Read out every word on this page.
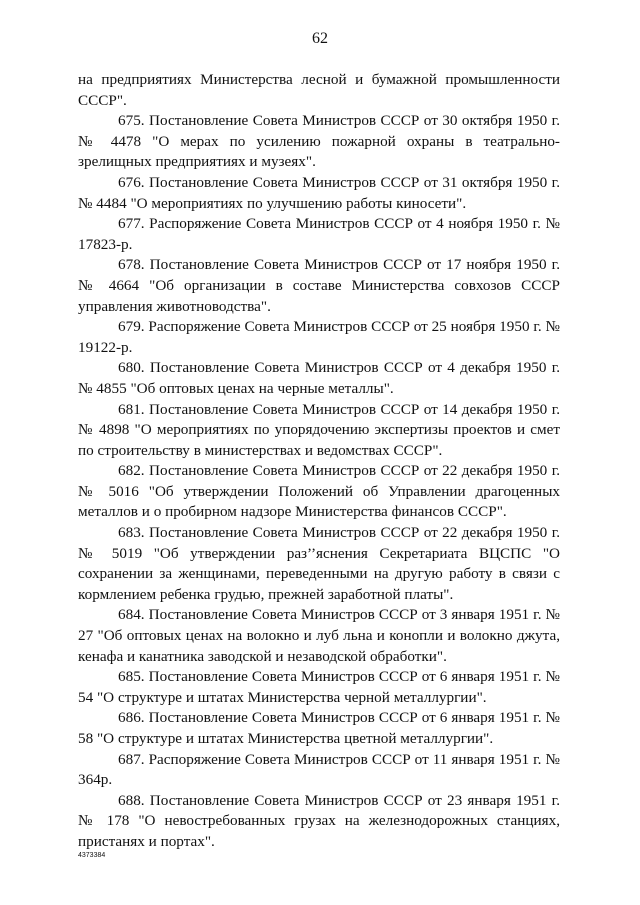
62

на предприятиях Министерства лесной и бумажной промышленности СССР".

675. Постановление Совета Министров СССР от 30 октября 1950 г. № 4478 "О мерах по усилению пожарной охраны в театрально-зрелищных предприятиях и музеях".

676. Постановление Совета Министров СССР от 31 октября 1950 г. № 4484 "О мероприятиях по улучшению работы киносети".

677. Распоряжение Совета Министров СССР от 4 ноября 1950 г. № 17823-р.

678. Постановление Совета Министров СССР от 17 ноября 1950 г. № 4664 "Об организации в составе Министерства совхозов СССР управления животноводства".

679. Распоряжение Совета Министров СССР от 25 ноября 1950 г. № 19122-р.

680. Постановление Совета Министров СССР от 4 декабря 1950 г. № 4855 "Об оптовых ценах на черные металлы".

681. Постановление Совета Министров СССР от 14 декабря 1950 г. № 4898 "О мероприятиях по упорядочению экспертизы проектов и смет по строительству в министерствах и ведомствах СССР".

682. Постановление Совета Министров СССР от 22 декабря 1950 г. № 5016 "Об утверждении Положений об Управлении драгоценных металлов и о пробирном надзоре Министерства финансов СССР".

683. Постановление Совета Министров СССР от 22 декабря 1950 г. № 5019 "Об утверждении раз’’яснения Секретариата ВЦСПС "О сохранении за женщинами, переведенными на другую работу в связи с кормлением ребенка грудью, прежней заработной платы".

684. Постановление Совета Министров СССР от 3 января 1951 г. № 27 "Об оптовых ценах на волокно и луб льна и конопли и волокно джута, кенафа и канатника заводской и незаводской обработки".

685. Постановление Совета Министров СССР от 6 января 1951 г. № 54 "О структуре и штатах Министерства черной металлургии".

686. Постановление Совета Министров СССР от 6 января 1951 г. № 58 "О структуре и штатах Министерства цветной металлургии".

687. Распоряжение Совета Министров СССР от 11 января 1951 г. № 364р.

688. Постановление Совета Министров СССР от 23 января 1951 г. № 178 "О невостребованных грузах на железнодорожных станциях, пристанях и портах".

4373384
